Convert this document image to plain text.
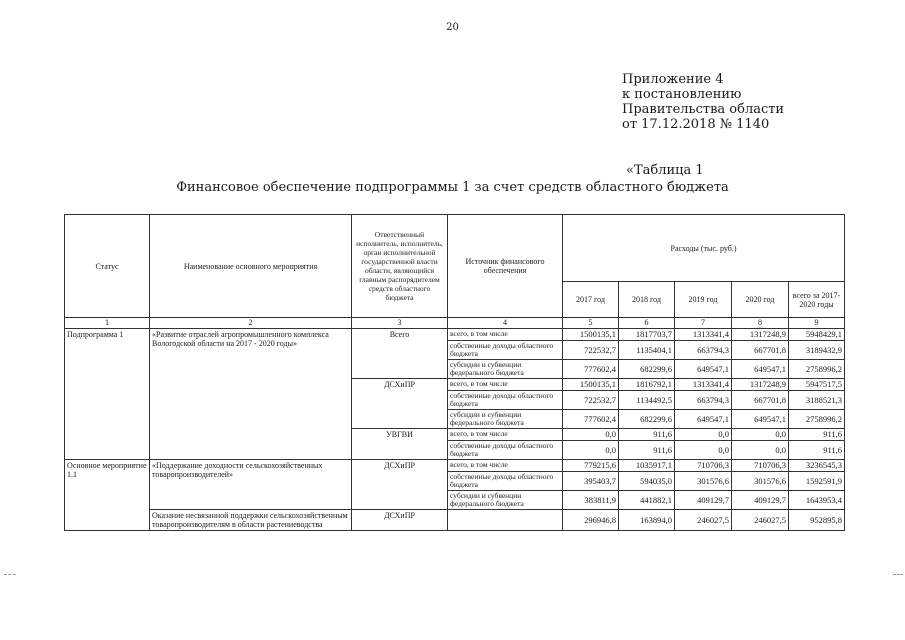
20
Приложение 4
к постановлению
Правительства области
от 17.12.2018 № 1140
«Таблица 1
Финансовое обеспечение подпрограммы 1 за счет средств областного бюджета
Статус	Наименование основного мероприятия	Ответственный исполнитель, исполнитель, орган исполнительной государственной власти области, являющийся главным распорядителем средств областного бюджета	Источник финансового обеспечения	Расходы (тыс. руб.)				
				2017 год	2018 год	2019 год	2020 год	всего за 2017-2020 годы
1	2	3	4	5	6	7	8	9
Подпрограмма 1	«Развитие отраслей агропромышленного комплекса Вологодской области на 2017 - 2020 годы»	Всего	всего, в том числе	1500135,1	1817703,7	1313341,4	1317248,9	5948429,1
			собственные доходы областного бюджета	722532,7	1135404,1	663794,3	667701,8	3189432,9
			субсидии и субвенции федерального бюджета	777602,4	682299,6	649547,1	649547,1	2758996,2
		ДСХиПР	всего, в том числе	1500135,1	1816792,1	1313341,4	1317248,9	5947517,5
			собственные доходы областного бюджета	722532,7	1134492,5	663794,3	667701,8	3188521,3
			субсидии и субвенции федерального бюджета	777602,4	682299,6	649547,1	649547,1	2758996,2
		УВГВИ	всего, в том числе	0,0	911,6	0,0	0,0	911,6
			собственные доходы областного бюджета	0,0	911,6	0,0	0,0	911,6
Основное мероприятие 1.1	«Поддержание доходности сельскохозяйственных товаропроизводителей»	ДСХиПР	всего, в том числе	779215,6	1035917,1	710706,3	710706,3	3236545,3
			собственные доходы областного бюджета	395403,7	594035,0	301576,6	301576,6	1592591,9
			субсидии и субвенции федерального бюджета	383811,9	441882,1	409129,7	409129,7	1643953,4
	Оказание несвязанной поддержки сельскохозяйственным товаропроизводителям в области растениеводства	ДСХиПР		296946,8	163894,0	246027,5	246027,5	952895,8
